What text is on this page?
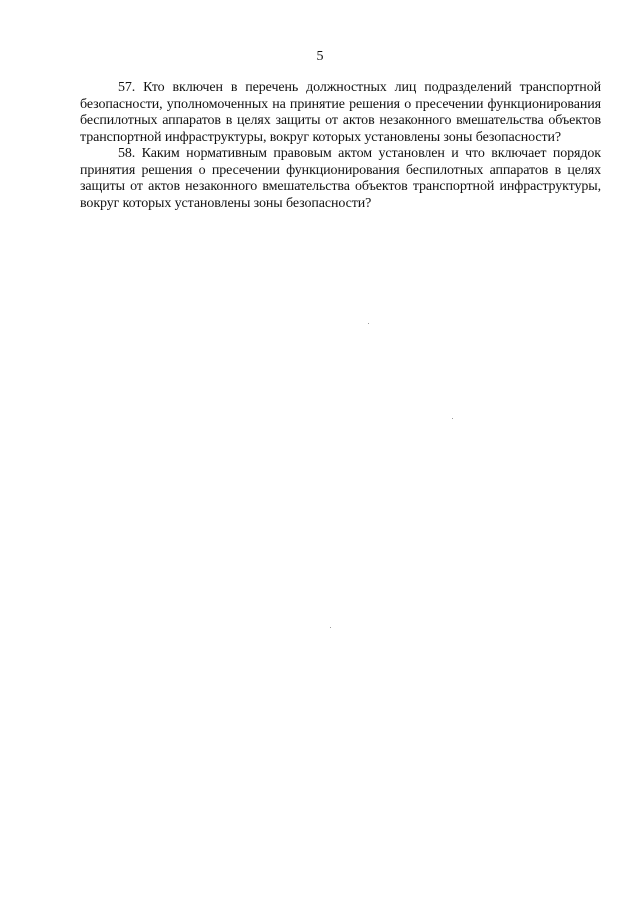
5

57. Кто включен в перечень должностных лиц подразделений транспортной безопасности, уполномоченных на принятие решения о пресечении функционирования беспилотных аппаратов в целях защиты от актов незаконного вмешательства объектов транспортной инфраструктуры, вокруг которых установлены зоны безопасности?

58. Каким нормативным правовым актом установлен и что включает порядок принятия решения о пресечении функционирования беспилотных аппаратов в целях защиты от актов незаконного вмешательства объектов транспортной инфраструктуры, вокруг которых установлены зоны безопасности?
